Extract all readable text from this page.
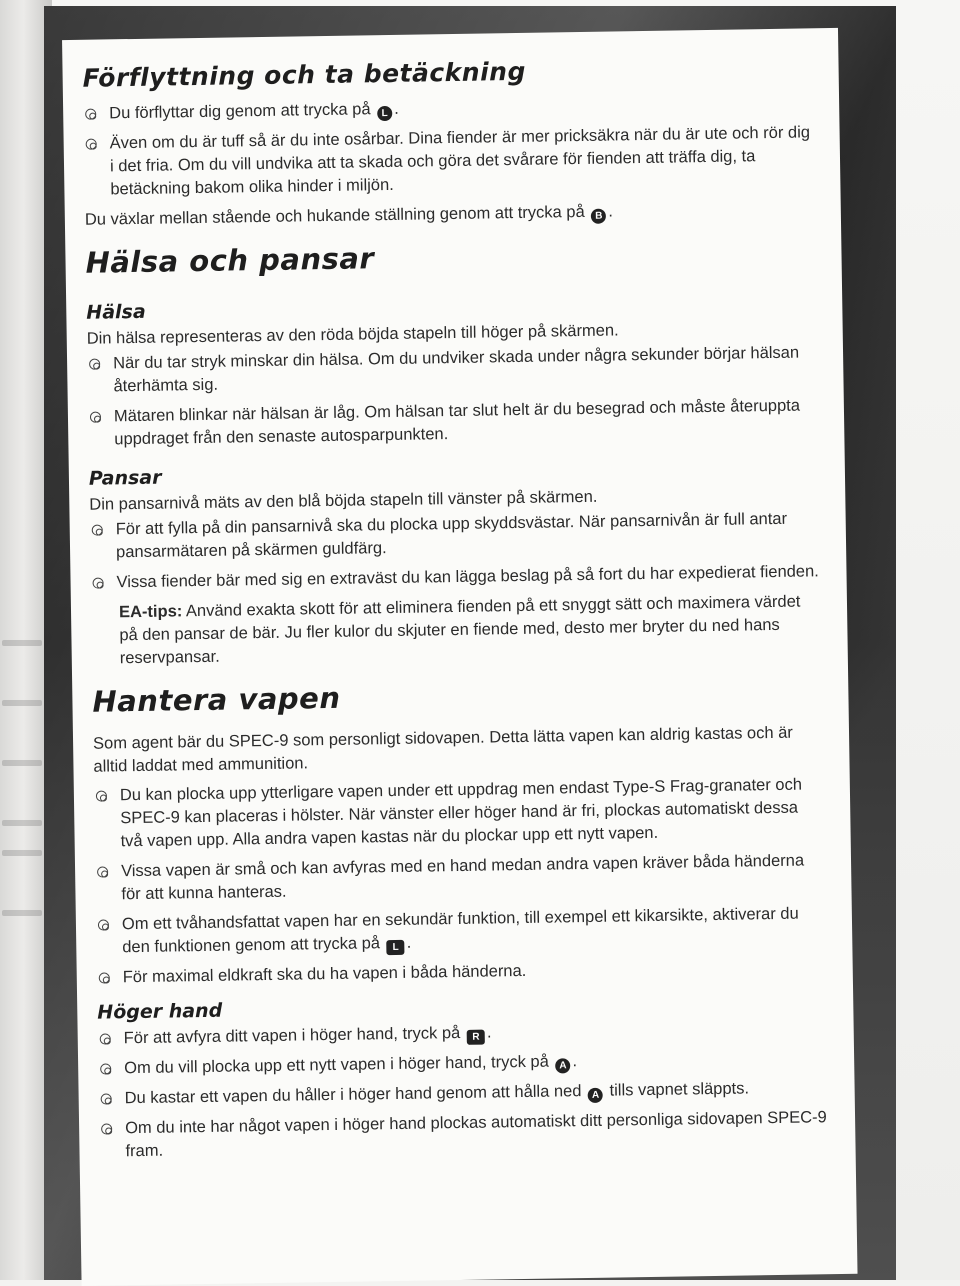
Förflyttning och ta betäckning
Du förflyttar dig genom att trycka på L .
Även om du är tuff så är du inte osårbar. Dina fiender är mer pricksäkra när du är ute och rör dig i det fria. Om du vill undvika att ta skada och göra det svårare för fienden att träffa dig, ta betäckning bakom olika hinder i miljön.
Du växlar mellan stående och hukande ställning genom att trycka på B .
Hälsa och pansar
Hälsa
Din hälsa representeras av den röda böjda stapeln till höger på skärmen.
När du tar stryk minskar din hälsa. Om du undviker skada under några sekunder börjar hälsan återhämta sig.
Mätaren blinkar när hälsan är låg. Om hälsan tar slut helt är du besegrad och måste återuppta uppdraget från den senaste autosparpunkten.
Pansar
Din pansarnivå mäts av den blå böjda stapeln till vänster på skärmen.
För att fylla på din pansarnivå ska du plocka upp skyddsvästar. När pansarnivån är full antar pansarmätaren på skärmen guldfärg.
Vissa fiender bär med sig en extraväst du kan lägga beslag på så fort du har expedierat fienden.
EA-tips: Använd exakta skott för att eliminera fienden på ett snyggt sätt och maximera värdet på den pansar de bär. Ju fler kulor du skjuter en fiende med, desto mer bryter du ned hans reservpansar.
Hantera vapen
Som agent bär du SPEC-9 som personligt sidovapen. Detta lätta vapen kan aldrig kastas och är alltid laddat med ammunition.
Du kan plocka upp ytterligare vapen under ett uppdrag men endast Type-S Frag-granater och SPEC-9 kan placeras i hölster. När vänster eller höger hand är fri, plockas automatiskt dessa två vapen upp. Alla andra vapen kastas när du plockar upp ett nytt vapen.
Vissa vapen är små och kan avfyras med en hand medan andra vapen kräver båda händerna för att kunna hanteras.
Om ett tvåhandsfattat vapen har en sekundär funktion, till exempel ett kikarsikte, aktiverar du den funktionen genom att trycka på L .
För maximal eldkraft ska du ha vapen i båda händerna.
Höger hand
För att avfyra ditt vapen i höger hand, tryck på R .
Om du vill plocka upp ett nytt vapen i höger hand, tryck på A .
Du kastar ett vapen du håller i höger hand genom att hålla ned A tills vapnet släppts.
Om du inte har något vapen i höger hand plockas automatiskt ditt personliga sidovapen SPEC-9 fram.
